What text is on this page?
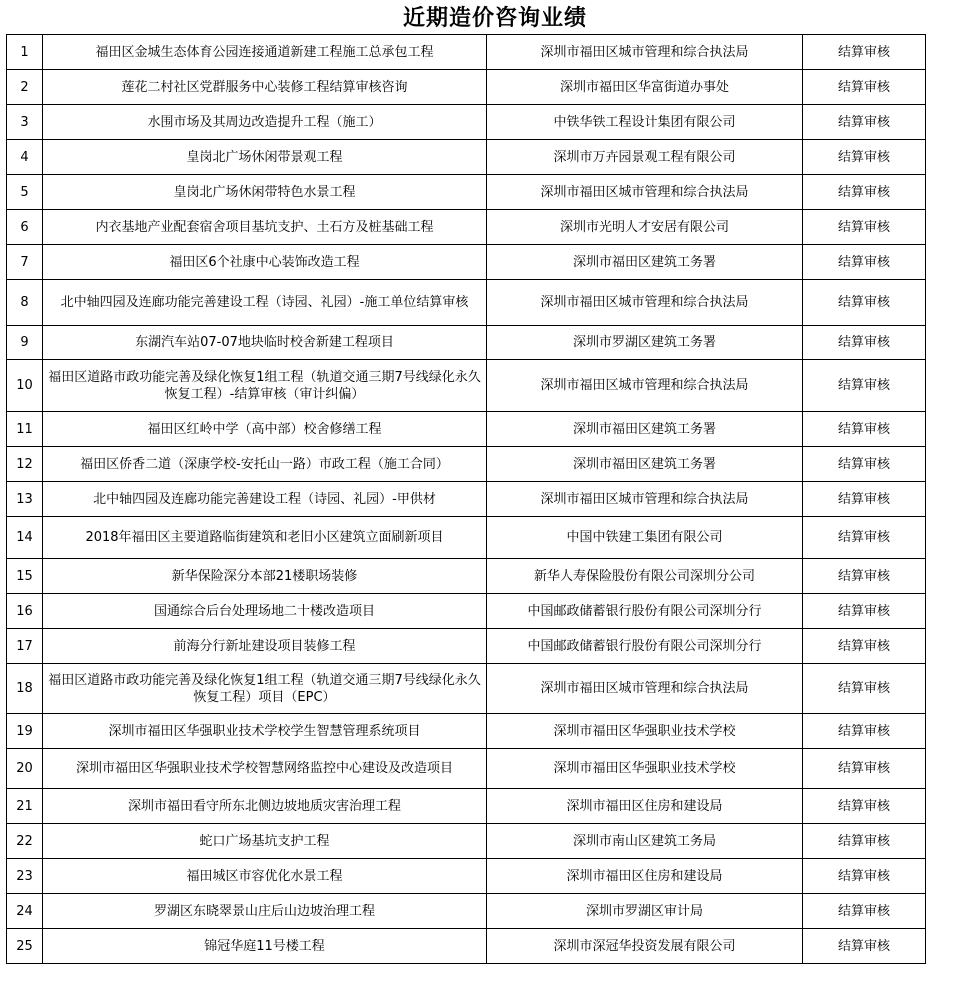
近期造价咨询业绩
1	福田区金城生态体育公园连接通道新建工程施工总承包工程	深圳市福田区城市管理和综合执法局	结算审核
2	莲花二村社区党群服务中心装修工程结算审核咨询	深圳市福田区华富街道办事处	结算审核
3	水围市场及其周边改造提升工程（施工）	中铁华铁工程设计集团有限公司	结算审核
4	皇岗北广场休闲带景观工程	深圳市万卉园景观工程有限公司	结算审核
5	皇岗北广场休闲带特色水景工程	深圳市福田区城市管理和综合执法局	结算审核
6	内衣基地产业配套宿舍项目基坑支护、土石方及桩基础工程	深圳市光明人才安居有限公司	结算审核
7	福田区6个社康中心装饰改造工程	深圳市福田区建筑工务署	结算审核
8	北中轴四园及连廊功能完善建设工程（诗园、礼园）-施工单位结算审核	深圳市福田区城市管理和综合执法局	结算审核
9	东湖汽车站07-07地块临时校舍新建工程项目	深圳市罗湖区建筑工务署	结算审核
10	福田区道路市政功能完善及绿化恢复1组工程（轨道交通三期7号线绿化永久恢复工程）-结算审核（审计纠偏）	深圳市福田区城市管理和综合执法局	结算审核
11	福田区红岭中学（高中部）校舍修缮工程	深圳市福田区建筑工务署	结算审核
12	福田区侨香二道（深康学校-安托山一路）市政工程（施工合同）	深圳市福田区建筑工务署	结算审核
13	北中轴四园及连廊功能完善建设工程（诗园、礼园）-甲供材	深圳市福田区城市管理和综合执法局	结算审核
14	2018年福田区主要道路临街建筑和老旧小区建筑立面刷新项目	中国中铁建工集团有限公司	结算审核
15	新华保险深分本部21楼职场装修	新华人寿保险股份有限公司深圳分公司	结算审核
16	国通综合后台处理场地二十楼改造项目	中国邮政储蓄银行股份有限公司深圳分行	结算审核
17	前海分行新址建设项目装修工程	中国邮政储蓄银行股份有限公司深圳分行	结算审核
18	福田区道路市政功能完善及绿化恢复1组工程（轨道交通三期7号线绿化永久恢复工程）项目（EPC）	深圳市福田区城市管理和综合执法局	结算审核
19	深圳市福田区华强职业技术学校学生智慧管理系统项目	深圳市福田区华强职业技术学校	结算审核
20	深圳市福田区华强职业技术学校智慧网络监控中心建设及改造项目	深圳市福田区华强职业技术学校	结算审核
21	深圳市福田看守所东北侧边坡地质灾害治理工程	深圳市福田区住房和建设局	结算审核
22	蛇口广场基坑支护工程	深圳市南山区建筑工务局	结算审核
23	福田城区市容优化水景工程	深圳市福田区住房和建设局	结算审核
24	罗湖区东晓翠景山庄后山边坡治理工程	深圳市罗湖区审计局	结算审核
25	锦冠华庭11号楼工程	深圳市深冠华投资发展有限公司	结算审核
